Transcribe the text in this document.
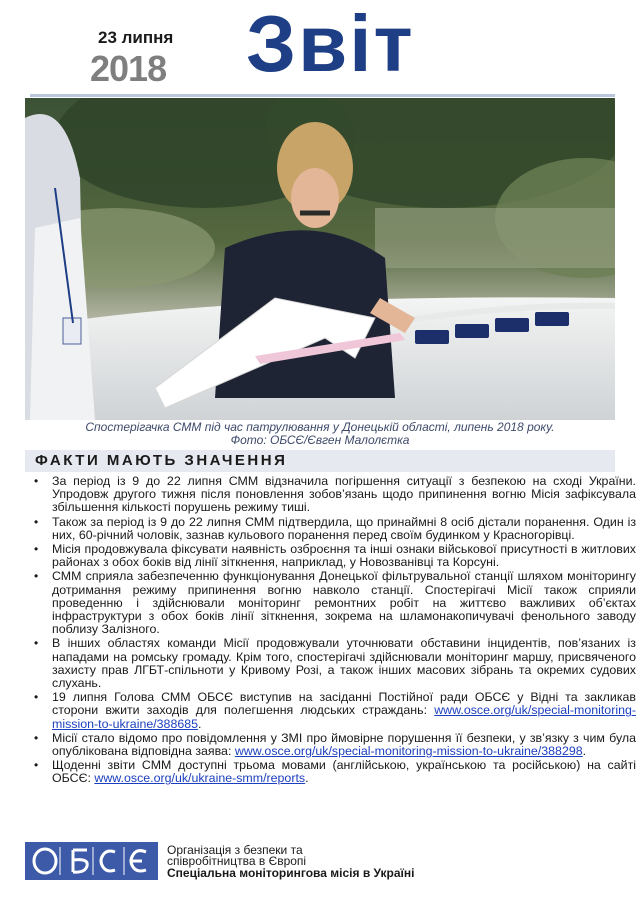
23 липня
2018 Звіт
Спостерігачка СММ під час патрулювання у Донецькій області, липень 2018 року.
Фото: ОБСЄ/Євген Малолєтка
ФАКТИ МАЮТЬ ЗНАЧЕННЯ
• За період із 9 до 22 липня СММ відзначила погіршення ситуації з безпекою на сході України. Упродовж другого тижня після поновлення зобов’язань щодо припинення вогню Місія зафіксувала збільшення кількості порушень режиму тиші.
• Також за період із 9 до 22 липня СММ підтвердила, що принаймні 8 осіб дістали поранення. Один із них, 60-річний чоловік, зазнав кульового поранення перед своїм будинком у Красногорівці.
• Місія продовжувала фіксувати наявність озброєння та інші ознаки військової присутності в житлових районах з обох боків від лінії зіткнення, наприклад, у Новозванівці та Корсуні.
• СММ сприяла забезпеченню функціонування Донецької фільтрувальної станції шляхом моніторингу дотримання режиму припинення вогню навколо станції. Спостерігачі Місії також сприяли проведенню і здійснювали моніторинг ремонтних робіт на життєво важливих об’єктах інфраструктури з обох боків лінії зіткнення, зокрема на шламонакопичувачі фенольного заводу поблизу Залізного.
• В інших областях команди Місії продовжували уточнювати обставини інцидентів, пов’язаних із нападами на ромську громаду. Крім того, спостерігачі здійснювали моніторинг маршу, присвяченого захисту прав ЛГБТ-спільноти у Кривому Розі, а також інших масових зібрань та окремих судових слухань.
• 19 липня Голова СММ ОБСЄ виступив на засіданні Постійної ради ОБСЄ у Відні та закликав сторони вжити заходів для полегшення людських страждань: www.osce.org/uk/special-monitoring-mission-to-ukraine/388685.
• Місії стало відомо про повідомлення у ЗМІ про ймовірне порушення її безпеки, у зв’язку з чим була опублікована відповідна заява: www.osce.org/uk/special-monitoring-mission-to-ukraine/388298.
• Щоденні звіти СММ доступні трьома мовами (англійською, українською та російською) на сайті ОБСЄ: www.osce.org/uk/ukraine-smm/reports.
Організація з безпеки та
співробітництва в Європі
Спеціальна моніторингова місія в Україні
